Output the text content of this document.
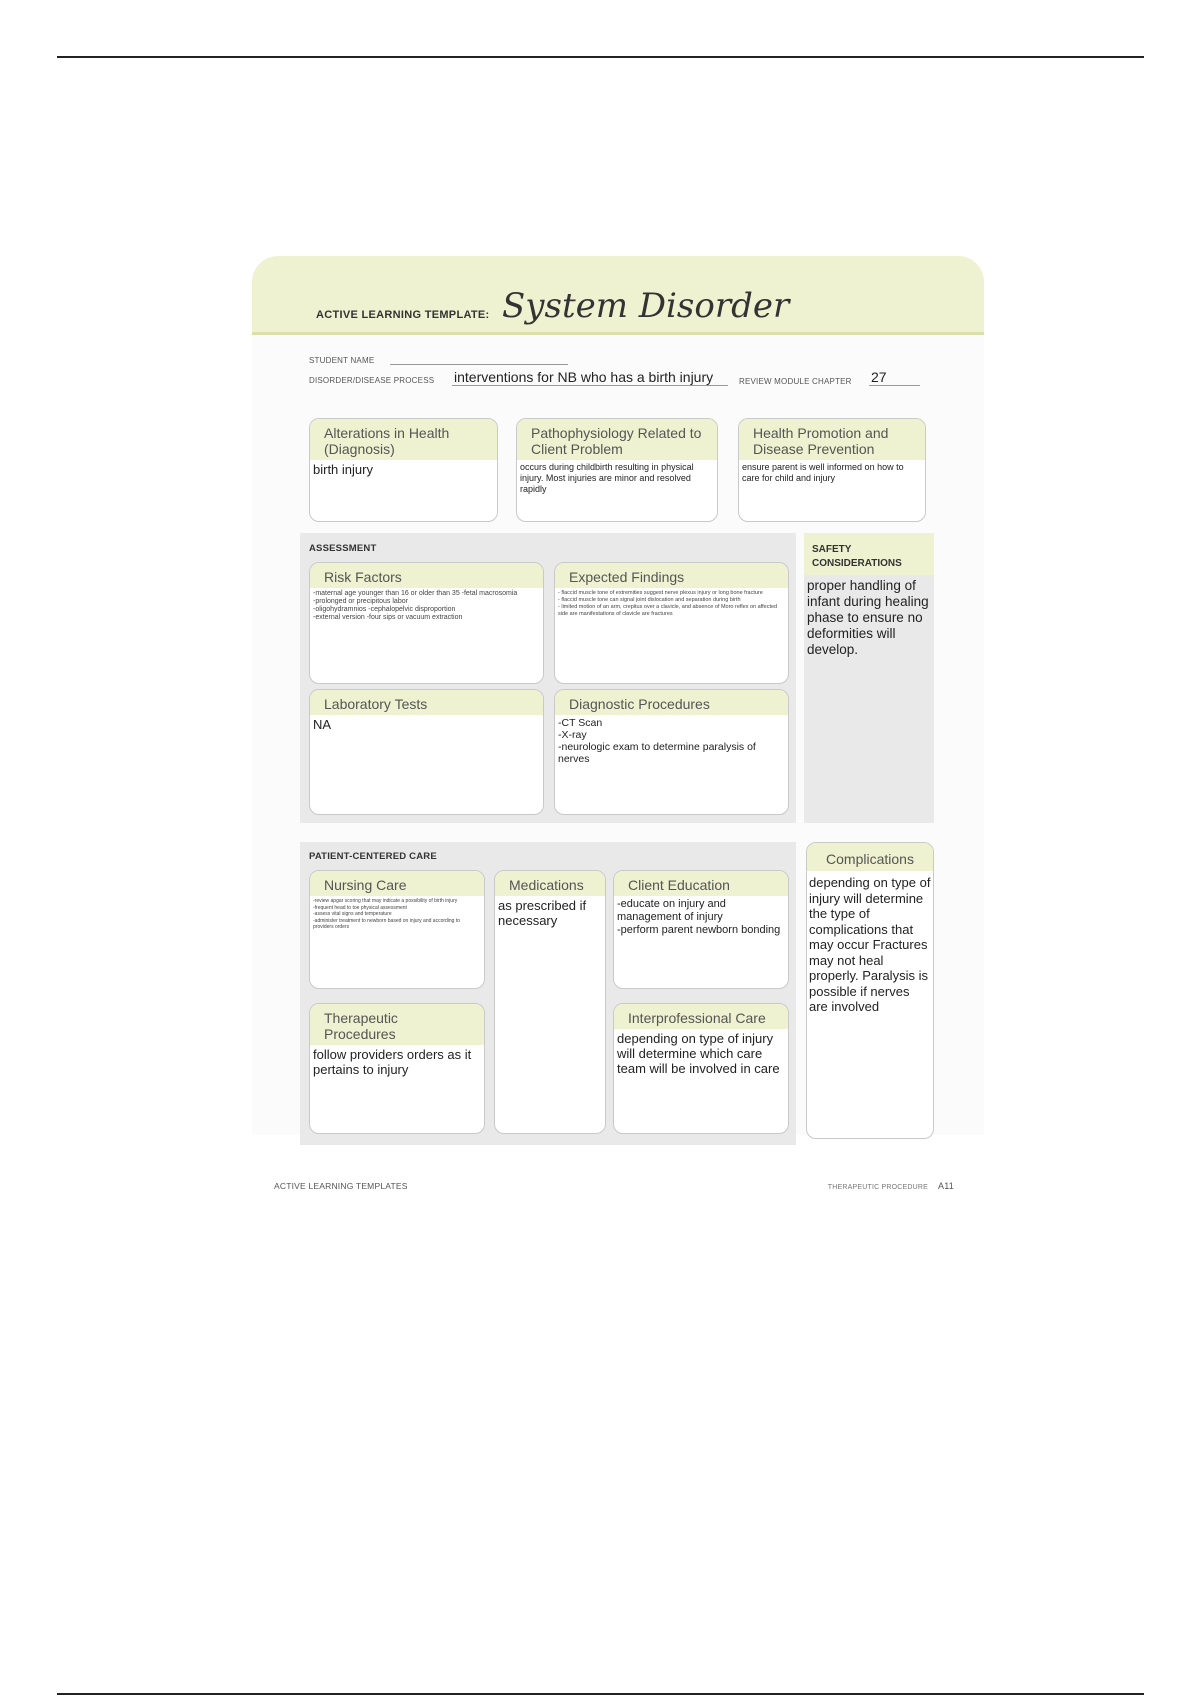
ACTIVE LEARNING TEMPLATE: System Disorder
STUDENT NAME
DISORDER/DISEASE PROCESS interventions for NB who has a birth injury	REVIEW MODULE CHAPTER 27
Alterations in Health (Diagnosis)
birth injury
Pathophysiology Related to Client Problem
occurs during childbirth resulting in physical injury. Most injuries are minor and resolved rapidly
Health Promotion and Disease Prevention
ensure parent is well informed on how to care for child and injury
ASSESSMENT
Risk Factors
-maternal age younger than 16 or older than 35 -fetal macrosomia
-prolonged or precipitous labor
-oligohydramnios -cephalopelvic disproportion
-external version -four sips or vacuum extraction
Expected Findings
- flaccid muscle tone of extremities suggest nerve plexus injury or long bone fracture
- flaccid muscle tone can signal joint dislocation and separation during birth
- limited motion of an arm, crepitus over a clavicle, and absence of Moro reflex on affected side are manifestations of clavicle are fractures
Laboratory Tests
NA
Diagnostic Procedures
-CT Scan
-X-ray
-neurologic exam to determine paralysis of nerves
SAFETY CONSIDERATIONS
proper handling of infant during healing phase to ensure no deformities will develop.
PATIENT-CENTERED CARE
Nursing Care
-review apgar scoring that may indicate a possibility of birth injury
-frequent head to toe physical assessment
-assess vital signs and temperature
-administer treatment to newborn based on injury and according to providers orders
Medications
as prescribed if necessary
Client Education
-educate on injury and management of injury
-perform parent newborn bonding
Therapeutic Procedures
follow providers orders as it pertains to injury
Interprofessional Care
depending on type of injury will determine which care team will be involved in care
Complications
depending on type of injury will determine the type of complications that may occur Fractures may not heal properly. Paralysis is possible if nerves are involved
ACTIVE LEARNING TEMPLATES	THERAPEUTIC PROCEDURE A11
